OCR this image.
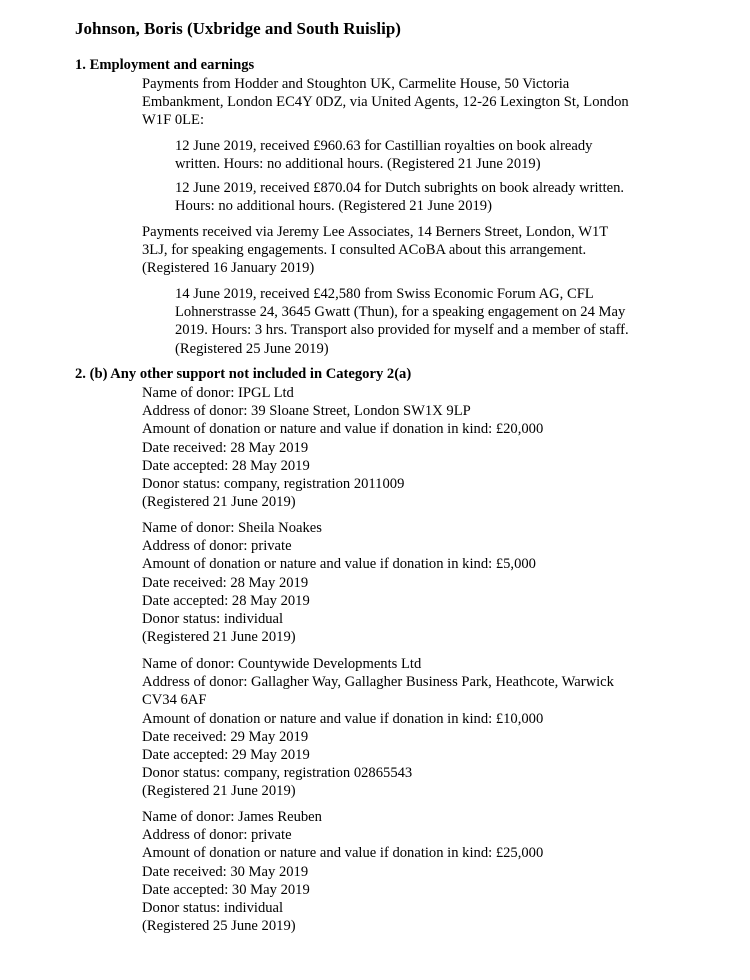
Johnson, Boris (Uxbridge and South Ruislip)
1. Employment and earnings
Payments from Hodder and Stoughton UK, Carmelite House, 50 Victoria
Embankment, London EC4Y 0DZ, via United Agents, 12-26 Lexington St, London
W1F 0LE:
12 June 2019, received £960.63 for Castillian royalties on book already
written. Hours: no additional hours. (Registered 21 June 2019)
12 June 2019, received £870.04 for Dutch subrights on book already written.
Hours: no additional hours. (Registered 21 June 2019)
Payments received via Jeremy Lee Associates, 14 Berners Street, London, W1T
3LJ, for speaking engagements. I consulted ACoBA about this arrangement.
(Registered 16 January 2019)
14 June 2019, received £42,580 from Swiss Economic Forum AG, CFL
Lohnerstrasse 24, 3645 Gwatt (Thun), for a speaking engagement on 24 May
2019. Hours: 3 hrs. Transport also provided for myself and a member of staff.
(Registered 25 June 2019)
2. (b) Any other support not included in Category 2(a)
Name of donor: IPGL Ltd
Address of donor: 39 Sloane Street, London SW1X 9LP
Amount of donation or nature and value if donation in kind: £20,000
Date received: 28 May 2019
Date accepted: 28 May 2019
Donor status: company, registration 2011009
(Registered 21 June 2019)
Name of donor: Sheila Noakes
Address of donor: private
Amount of donation or nature and value if donation in kind: £5,000
Date received: 28 May 2019
Date accepted: 28 May 2019
Donor status: individual
(Registered 21 June 2019)
Name of donor: Countywide Developments Ltd
Address of donor: Gallagher Way, Gallagher Business Park, Heathcote, Warwick
CV34 6AF
Amount of donation or nature and value if donation in kind: £10,000
Date received: 29 May 2019
Date accepted: 29 May 2019
Donor status: company, registration 02865543
(Registered 21 June 2019)
Name of donor: James Reuben
Address of donor: private
Amount of donation or nature and value if donation in kind: £25,000
Date received: 30 May 2019
Date accepted: 30 May 2019
Donor status: individual
(Registered 25 June 2019)
